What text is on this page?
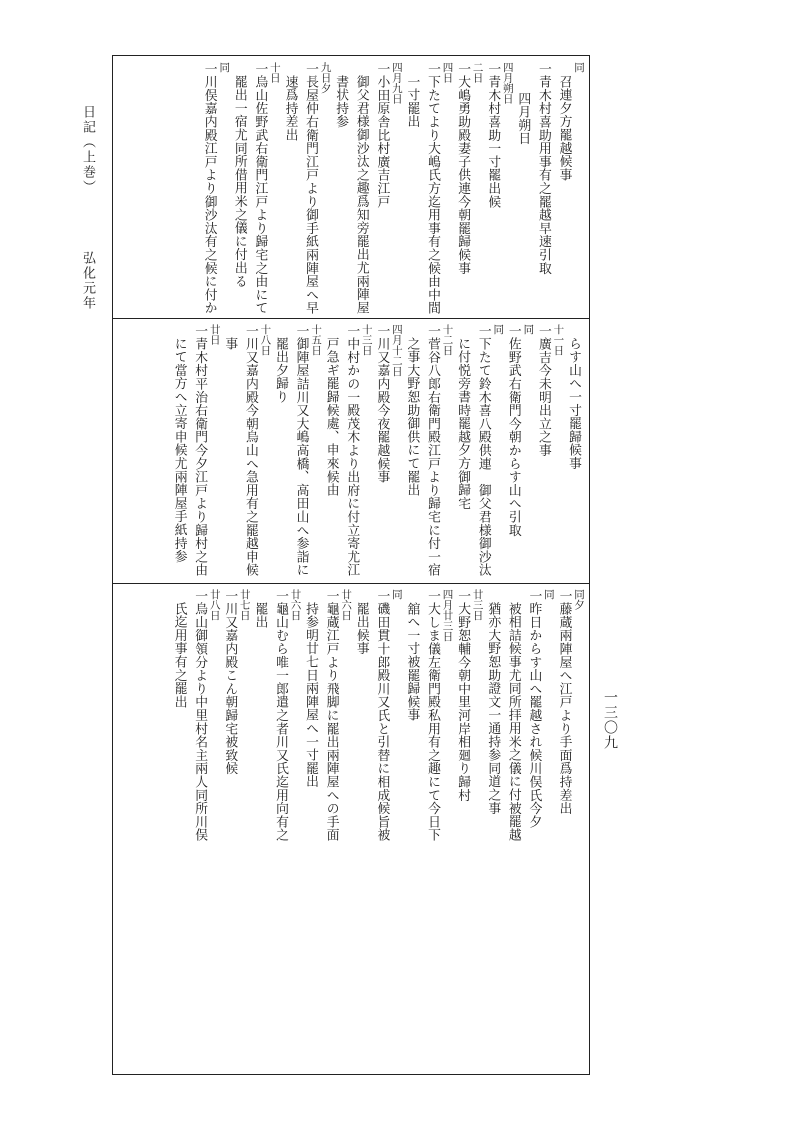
同
召連夕方罷越候事
一青木村喜助用事有之罷越早速引取
四月朔日
四月朔日
一青木村喜助一寸罷出候
二日
一大嶋勇助殿妻子供連今朝罷歸候事
四日
一下たてより大嶋氏方迄用事有之候由中間
一寸罷出
四月九日
一小田原舎比村廣吉江戸
御父君様御沙汰之趣爲知旁罷出尤兩陣屋
書状持参
九日夕
一長屋仲右衛門江戸より御手紙兩陣屋へ早
速爲持差出
十日
一烏山佐野武右衛門江戸より歸宅之由にて
罷出一宿尤同所借用米之儀に付出る
同
一川俣嘉内殿江戸より御沙汰有之候に付か
らす山へ一寸罷歸候事
十一日
一廣吉今未明出立之事
同
一佐野武右衛門今朝からす山へ引取
同
一下たて鈴木喜八殿供連　御父君様御沙汰
に付悦旁書時罷越夕方御歸宅
十二日
一菅谷八郎右衛門殿江戸より歸宅に付一宿
之事大野恕助御供にて罷出
四月十二日
一川又嘉内殿今夜罷越候事
十三日
一中村かの一殿茂木より出府に付立寄尤江
戸急ギ罷歸候處、申來候由
十五日
一御陣屋詰川又大嶋高橋、高田山へ参詣に
罷出夕歸り
十八日
一川又嘉内殿今朝烏山へ急用有之罷越申候
事
廿日
一青木村平治右衛門今夕江戸より歸村之由
にて當方へ立寄申候尤兩陣屋手紙持参
同夕
一藤蔵兩陣屋へ江戸より手面爲持差出
同
一昨日からす山へ罷越され候川俣氏今夕
被相詰候事尤同所拝用米之儀に付被罷越
猶亦大野恕助證文一通持参同道之事
廿三日
一大野恕輔今朝中里河岸相廻り歸村
四月廿三日
一大しま儀左衛門殿私用有之趣にて今日下
舘へ一寸被罷歸候事
同
一磯田貫十郎殿川又氏と引替に相成候旨被
罷出候事
廿六日
一龜蔵江戸より飛脚に罷出兩陣屋への手面
持参明廿七日兩陣屋へ一寸罷出
廿六日
一龜山むら唯一郎遣之者川又氏迄用向有之
罷出
廿七日
一川又嘉内殿こん朝歸宅被致候
廿八日
一烏山御領分より中里村名主兩人同所川俣
氏迄用事有之罷出
日記（上巻）  弘化元年
一三〇九
